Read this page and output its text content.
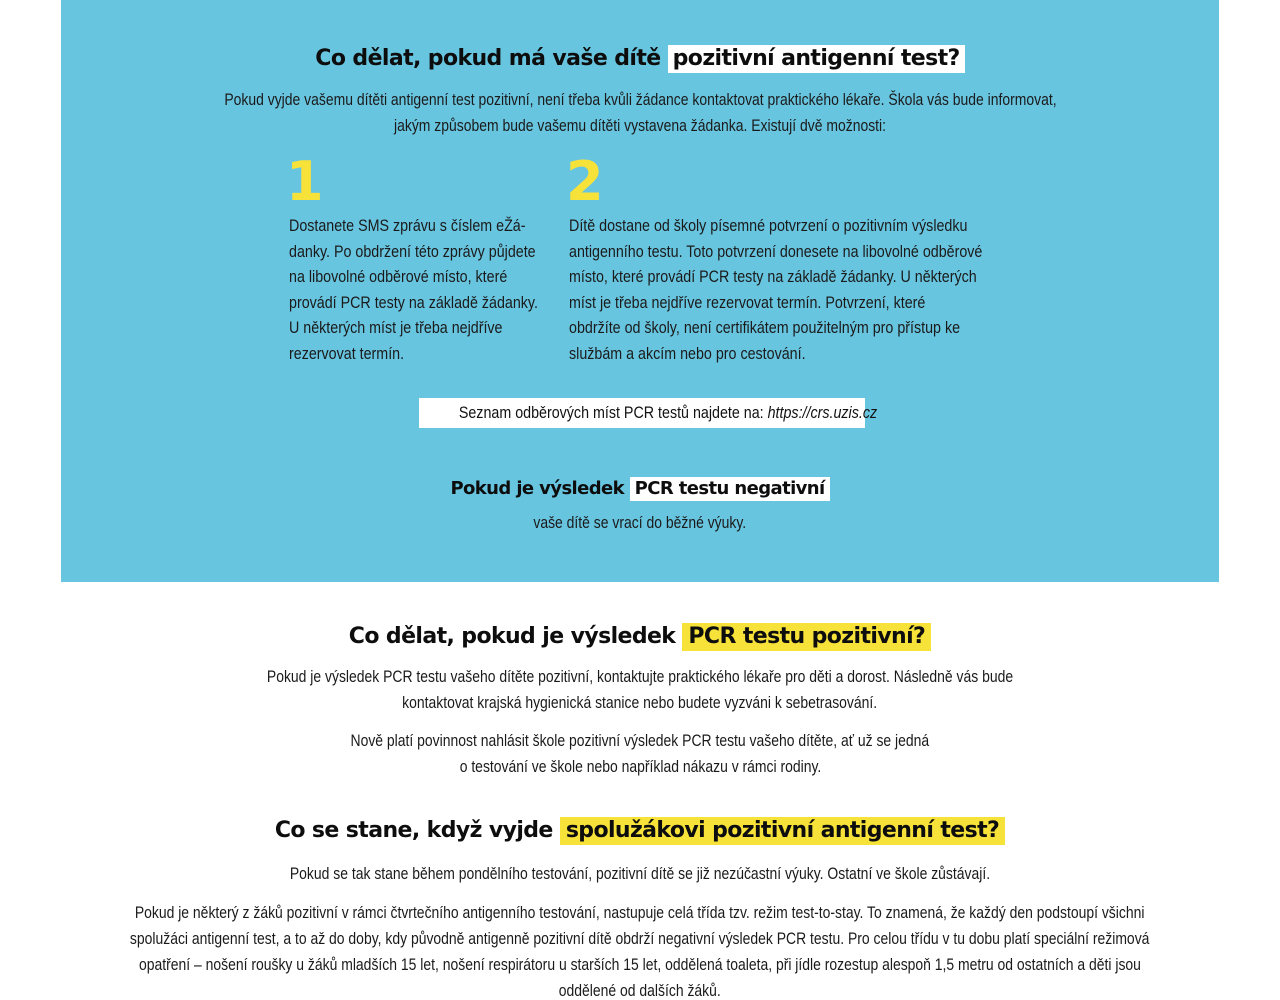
Co dělat, pokud má vaše dítě pozitivní antigenní test?
Pokud vyjde vašemu dítěti antigenní test pozitivní, není třeba kvůli žádance kontaktovat praktického lékaře. Škola vás bude informovat,
jakým způsobem bude vašemu dítěti vystavena žádanka. Existují dvě možnosti:
1	2
Dostanete SMS zprávu s číslem eŽá-
danky. Po obdržení této zprávy půjdete
na libovolné odběrové místo, které
provádí PCR testy na základě žádanky.
U některých míst je třeba nejdříve
rezervovat termín.
Dítě dostane od školy písemné potvrzení o pozitivním výsledku
antigenního testu. Toto potvrzení donesete na libovolné odběrové
místo, které provádí PCR testy na základě žádanky. U některých
míst je třeba nejdříve rezervovat termín. Potvrzení, které
obdržíte od školy, není certifikátem použitelným pro přístup ke
službám a akcím nebo pro cestování.
Seznam odběrových míst PCR testů najdete na: https://crs.uzis.cz
Pokud je výsledek PCR testu negativní
vaše dítě se vrací do běžné výuky.
Co dělat, pokud je výsledek PCR testu pozitivní?
Pokud je výsledek PCR testu vašeho dítěte pozitivní, kontaktujte praktického lékaře pro děti a dorost. Následně vás bude
kontaktovat krajská hygienická stanice nebo budete vyzváni k sebetrasování.
Nově platí povinnost nahlásit škole pozitivní výsledek PCR testu vašeho dítěte, ať už se jedná
o testování ve škole nebo například nákazu v rámci rodiny.
Co se stane, když vyjde spolužákovi pozitivní antigenní test?
Pokud se tak stane během pondělního testování, pozitivní dítě se již nezúčastní výuky. Ostatní ve škole zůstávají.
Pokud je některý z žáků pozitivní v rámci čtvrtečního antigenního testování, nastupuje celá třída tzv. režim test-to-stay. To znamená, že každý den podstoupí všichni
spolužáci antigenní test, a to až do doby, kdy původně antigenně pozitivní dítě obdrží negativní výsledek PCR testu. Pro celou třídu v tu dobu platí speciální režimová
opatření – nošení roušky u žáků mladších 15 let, nošení respirátoru u starších 15 let, oddělená toaleta, při jídle rozestup alespoň 1,5 metru od ostatních a děti jsou
oddělené od dalších žáků.
